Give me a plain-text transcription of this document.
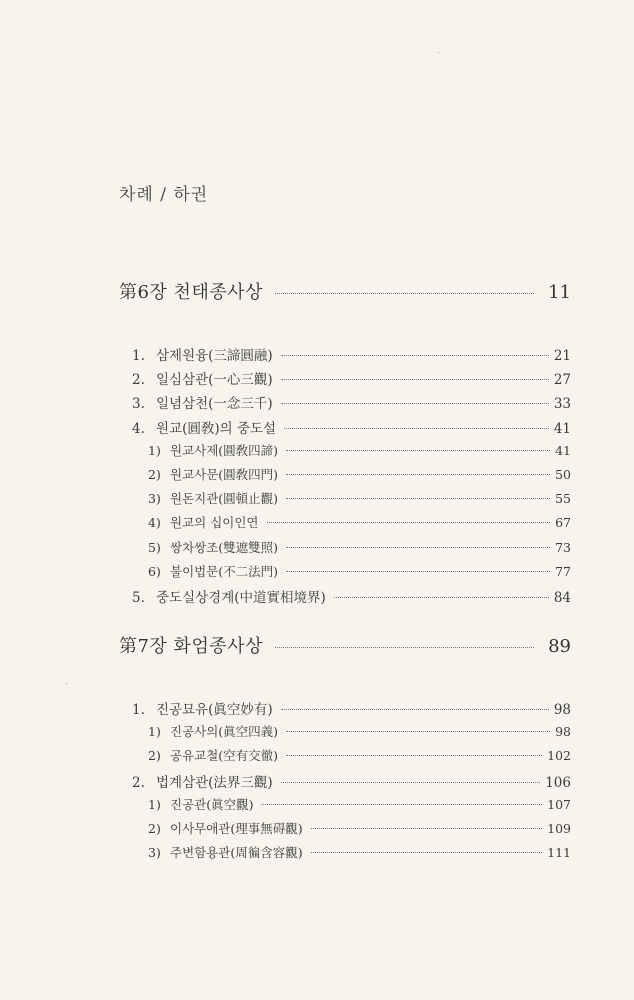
차례 / 하권
第6장 천태종사상	11
1. 삼제원융(三諦圓融)	21
2. 일심삼관(一心三觀)	27
3. 일념삼천(一念三千)	33
4. 원교(圓敎)의 중도설	41
1) 원교사제(圓敎四諦)	41
2) 원교사문(圓敎四門)	50
3) 원돈지관(圓頓止觀)	55
4) 원교의 십이인연	67
5) 쌍차쌍조(雙遮雙照)	73
6) 불이법문(不二法門)	77
5. 중도실상경계(中道實相境界)	84
第7장 화엄종사상	89
1. 진공묘유(眞空妙有)	98
1) 진공사의(眞空四義)	98
2) 공유교철(空有交徹)	102
2. 법계삼관(法界三觀)	106
1) 진공관(眞空觀)	107
2) 이사무애관(理事無碍觀)	109
3) 주변함용관(周徧含容觀)	111
